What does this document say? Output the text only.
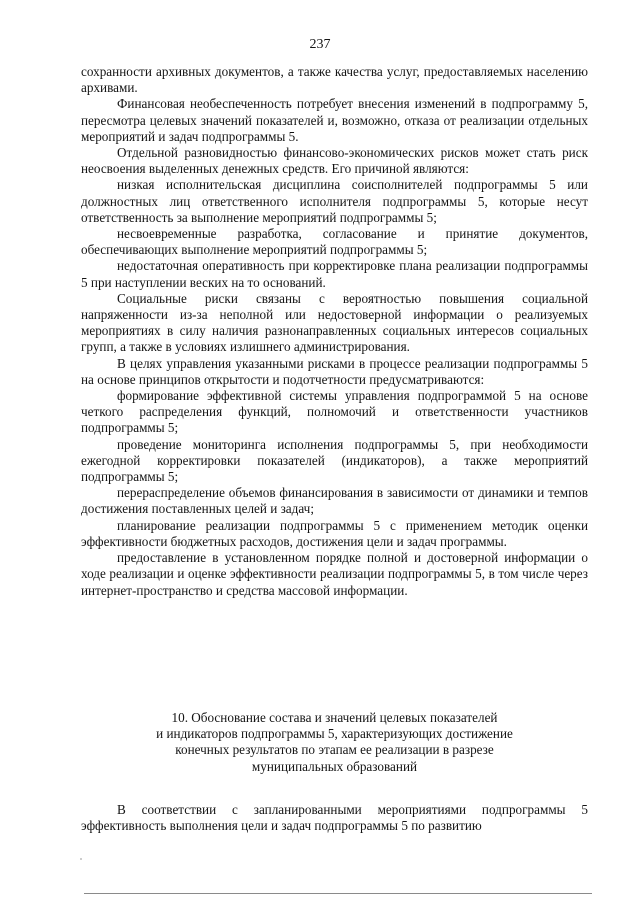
237

сохранности архивных документов, а также качества услуг, предоставляемых населению архивами.

Финансовая необеспеченность потребует внесения изменений в подпрограмму 5, пересмотра целевых значений показателей и, возможно, отказа от реализации отдельных мероприятий и задач подпрограммы 5.

Отдельной разновидностью финансово-экономических рисков может стать риск неосвоения выделенных денежных средств. Его причиной являются:

низкая исполнительская дисциплина соисполнителей подпрограммы 5 или должностных лиц ответственного исполнителя подпрограммы 5, которые несут ответственность за выполнение мероприятий подпрограммы 5;

несвоевременные разработка, согласование и принятие документов, обеспечивающих выполнение мероприятий подпрограммы 5;

недостаточная оперативность при корректировке плана реализации подпрограммы 5 при наступлении веских на то оснований.

Социальные риски связаны с вероятностью повышения социальной напряженности из-за неполной или недостоверной информации о реализуемых мероприятиях в силу наличия разнонаправленных социальных интересов социальных групп, а также в условиях излишнего администрирования.

В целях управления указанными рисками в процессе реализации подпрограммы 5 на основе принципов открытости и подотчетности предусматриваются:

формирование эффективной системы управления подпрограммой 5 на основе четкого распределения функций, полномочий и ответственности участников подпрограммы 5;

проведение мониторинга исполнения подпрограммы 5, при необходимости ежегодной корректировки показателей (индикаторов), а также мероприятий подпрограммы 5;

перераспределение объемов финансирования в зависимости от динамики и темпов достижения поставленных целей и задач;

планирование реализации подпрограммы 5 с применением методик оценки эффективности бюджетных расходов, достижения цели и задач программы.

предоставление в установленном порядке полной и достоверной информации о ходе реализации и оценке эффективности реализации подпрограммы 5, в том числе через интернет-пространство и средства массовой информации.

10. Обоснование состава и значений целевых показателей
и индикаторов подпрограммы 5, характеризующих достижение
конечных результатов по этапам ее реализации в разрезе
муниципальных образований

В соответствии с запланированными мероприятиями подпрограммы 5 эффективность выполнения цели и задач подпрограммы 5 по развитию
